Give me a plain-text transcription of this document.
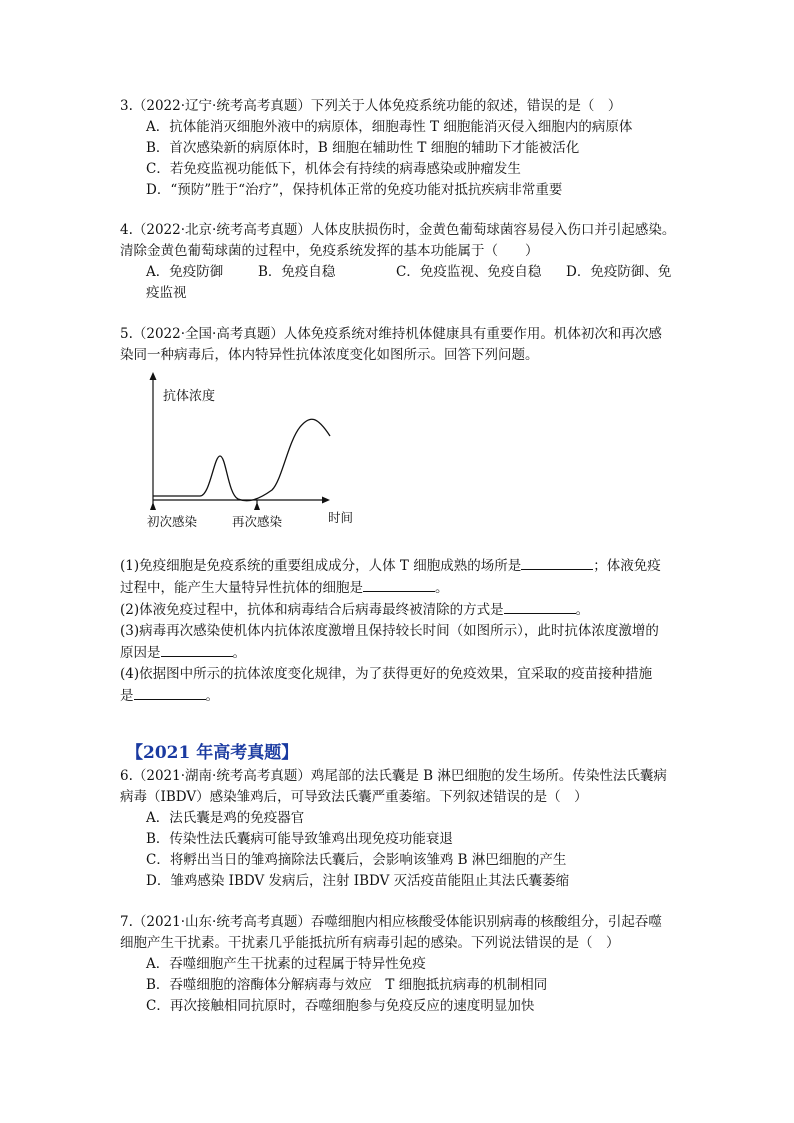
3.（2022·辽宁·统考高考真题）下列关于人体免疫系统功能的叙述，错误的是（　）

A．抗体能消灭细胞外液中的病原体，细胞毒性 T 细胞能消灭侵入细胞内的病原体

B．首次感染新的病原体时，B 细胞在辅助性 T 细胞的辅助下才能被活化

C．若免疫监视功能低下，机体会有持续的病毒感染或肿瘤发生

D．“预防”胜于“治疗”，保持机体正常的免疫功能对抵抗疾病非常重要

4.（2022·北京·统考高考真题）人体皮肤损伤时，金黄色葡萄球菌容易侵入伤口并引起感染。

清除金黄色葡萄球菌的过程中，免疫系统发挥的基本功能属于（　　）

A．免疫防御	B．免疫自稳	C．免疫监视、免疫自稳	D．免疫防御、免

疫监视

5.（2022·全国·高考真题）人体免疫系统对维持机体健康具有重要作用。机体初次和再次感

染同一种病毒后，体内特异性抗体浓度变化如图所示。回答下列问题。

抗体浓度
初次感染	再次感染	时间

(1)免疫细胞是免疫系统的重要组成成分，人体 T 细胞成熟的场所是	；体液免疫

过程中，能产生大量特异性抗体的细胞是	。

(2)体液免疫过程中，抗体和病毒结合后病毒最终被清除的方式是	。

(3)病毒再次感染使机体内抗体浓度激增且保持较长时间（如图所示），此时抗体浓度激增的

原因是	。

(4)依据图中所示的抗体浓度变化规律，为了获得更好的免疫效果，宜采取的疫苗接种措施

是	。

【2021 年高考真题】

6.（2021·湖南·统考高考真题）鸡尾部的法氏囊是 B 淋巴细胞的发生场所。传染性法氏囊病

病毒（IBDV）感染雏鸡后，可导致法氏囊严重萎缩。下列叙述错误的是（　）

A．法氏囊是鸡的免疫器官

B．传染性法氏囊病可能导致雏鸡出现免疫功能衰退

C．将孵出当日的雏鸡摘除法氏囊后，会影响该雏鸡 B 淋巴细胞的产生

D．雏鸡感染 IBDV 发病后，注射 IBDV 灭活疫苗能阻止其法氏囊萎缩

7.（2021·山东·统考高考真题）吞噬细胞内相应核酸受体能识别病毒的核酸组分，引起吞噬

细胞产生干扰素。干扰素几乎能抵抗所有病毒引起的感染。下列说法错误的是（　）

A．吞噬细胞产生干扰素的过程属于特异性免疫

B．吞噬细胞的溶酶体分解病毒与效应　T 细胞抵抗病毒的机制相同

C．再次接触相同抗原时，吞噬细胞参与免疫反应的速度明显加快
